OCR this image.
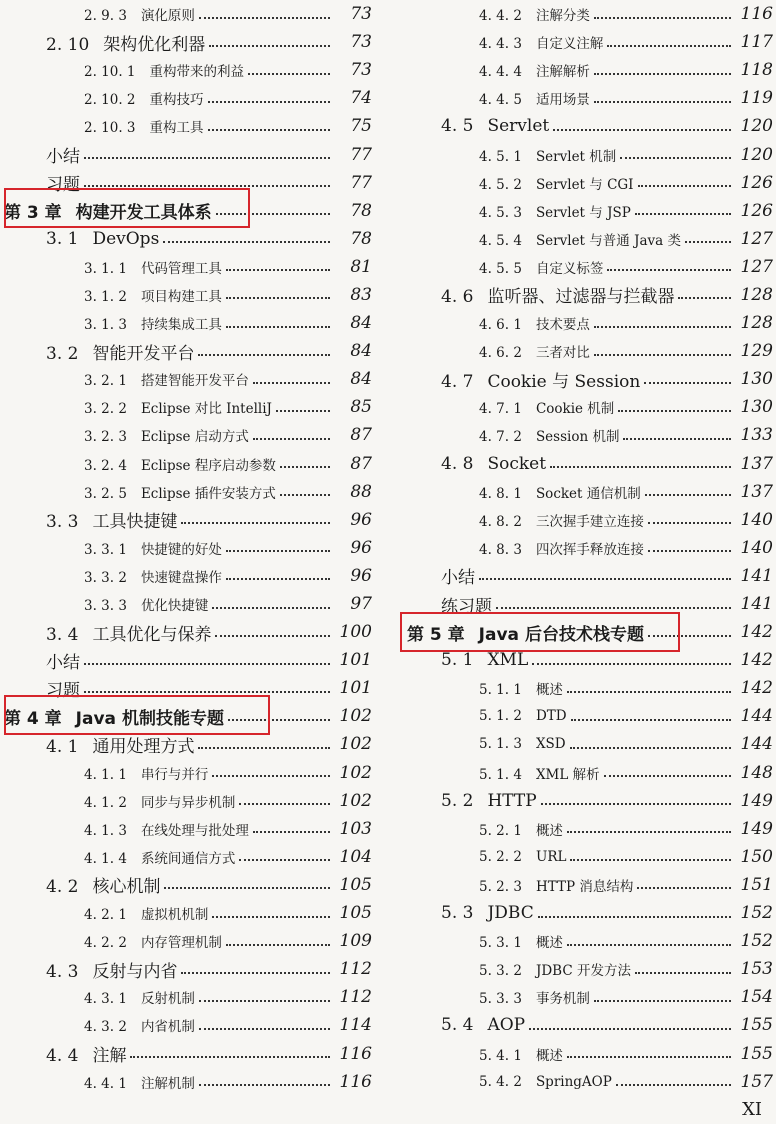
2. 9. 3 演化原则	73
2. 10 架构优化利器	73
2. 10. 1 重构带来的利益	73
2. 10. 2 重构技巧	74
2. 10. 3 重构工具	75
小结	77
习题	77
第 3 章 构建开发工具体系	78
3. 1 DevOps	78
3. 1. 1 代码管理工具	81
3. 1. 2 项目构建工具	83
3. 1. 3 持续集成工具	84
3. 2 智能开发平台	84
3. 2. 1 搭建智能开发平台	84
3. 2. 2 Eclipse 对比 IntelliJ	85
3. 2. 3 Eclipse 启动方式	87
3. 2. 4 Eclipse 程序启动参数	87
3. 2. 5 Eclipse 插件安装方式	88
3. 3 工具快捷键	96
3. 3. 1 快捷键的好处	96
3. 3. 2 快速键盘操作	96
3. 3. 3 优化快捷键	97
3. 4 工具优化与保养	100
小结	101
习题	101
第 4 章 Java 机制技能专题	102
4. 1 通用处理方式	102
4. 1. 1 串行与并行	102
4. 1. 2 同步与异步机制	102
4. 1. 3 在线处理与批处理	103
4. 1. 4 系统间通信方式	104
4. 2 核心机制	105
4. 2. 1 虚拟机机制	105
4. 2. 2 内存管理机制	109
4. 3 反射与内省	112
4. 3. 1 反射机制	112
4. 3. 2 内省机制	114
4. 4 注解	116
4. 4. 1 注解机制	116
4. 4. 2 注解分类	116
4. 4. 3 自定义注解	117
4. 4. 4 注解解析	118
4. 4. 5 适用场景	119
4. 5 Servlet	120
4. 5. 1 Servlet 机制	120
4. 5. 2 Servlet 与 CGI	126
4. 5. 3 Servlet 与 JSP	126
4. 5. 4 Servlet 与普通 Java 类	127
4. 5. 5 自定义标签	127
4. 6 监听器、过滤器与拦截器	128
4. 6. 1 技术要点	128
4. 6. 2 三者对比	129
4. 7 Cookie 与 Session	130
4. 7. 1 Cookie 机制	130
4. 7. 2 Session 机制	133
4. 8 Socket	137
4. 8. 1 Socket 通信机制	137
4. 8. 2 三次握手建立连接	140
4. 8. 3 四次挥手释放连接	140
小结	141
练习题	141
第 5 章 Java 后台技术栈专题	142
5. 1 XML	142
5. 1. 1 概述	142
5. 1. 2 DTD	144
5. 1. 3 XSD	144
5. 1. 4 XML 解析	148
5. 2 HTTP	149
5. 2. 1 概述	149
5. 2. 2 URL	150
5. 2. 3 HTTP 消息结构	151
5. 3 JDBC	152
5. 3. 1 概述	152
5. 3. 2 JDBC 开发方法	153
5. 3. 3 事务机制	154
5. 4 AOP	155
5. 4. 1 概述	155
5. 4. 2 SpringAOP	157
XI
